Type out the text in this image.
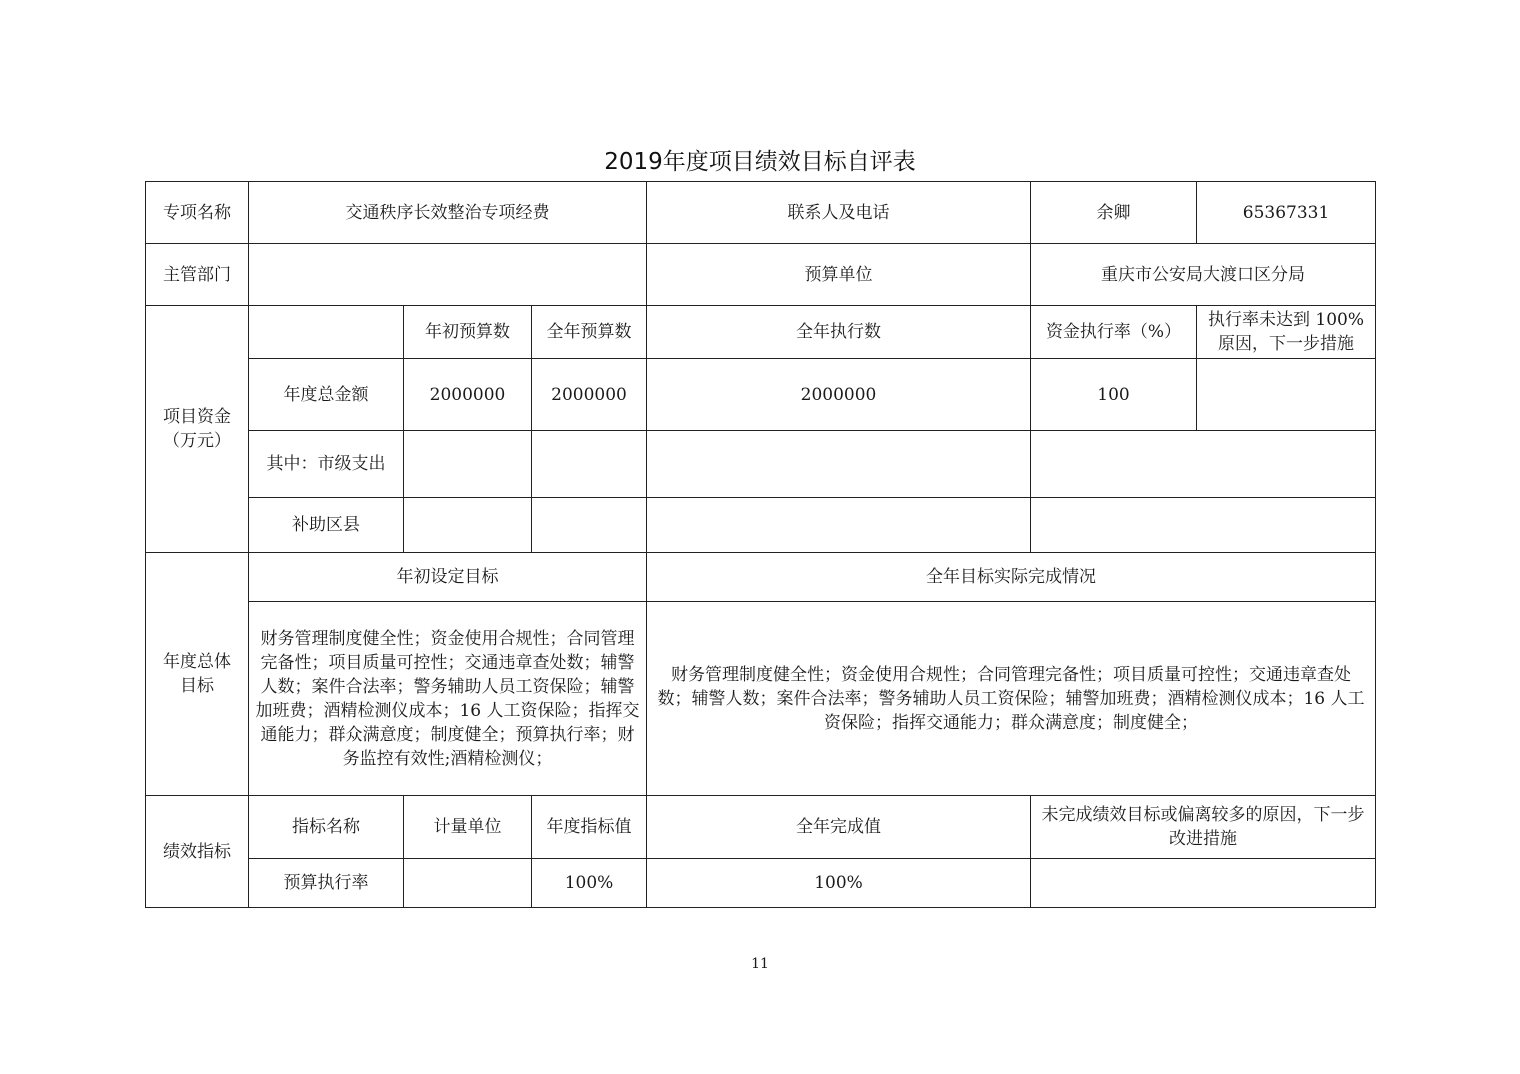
2019年度项目绩效目标自评表
专项名称	交通秩序长效整治专项经费			联系人及电话	余卿	65367331
主管部门				预算单位	重庆市公安局大渡口区分局	
项目资金（万元）		年初预算数	全年预算数	全年执行数	资金执行率（%）	执行率未达到 100%原因，下一步措施
	年度总金额	2000000	2000000	2000000	100	
	其中：市级支出					
	补助区县					
年度总体目标	年初设定目标			全年目标实际完成情况		
	财务管理制度健全性；资金使用合规性；合同管理完备性；项目质量可控性；交通违章查处数；辅警人数；案件合法率；警务辅助人员工资保险；辅警加班费；酒精检测仪成本；16 人工资保险；指挥交通能力；群众满意度；制度健全；预算执行率；财务监控有效性;酒精检测仪；			财务管理制度健全性；资金使用合规性；合同管理完备性；项目质量可控性；交通违章查处数；辅警人数；案件合法率；警务辅助人员工资保险；辅警加班费；酒精检测仪成本；16 人工资保险；指挥交通能力；群众满意度；制度健全；		
绩效指标	指标名称	计量单位	年度指标值	全年完成值	未完成绩效目标或偏离较多的原因，下一步改进措施	
	预算执行率		100%	100%		
11
